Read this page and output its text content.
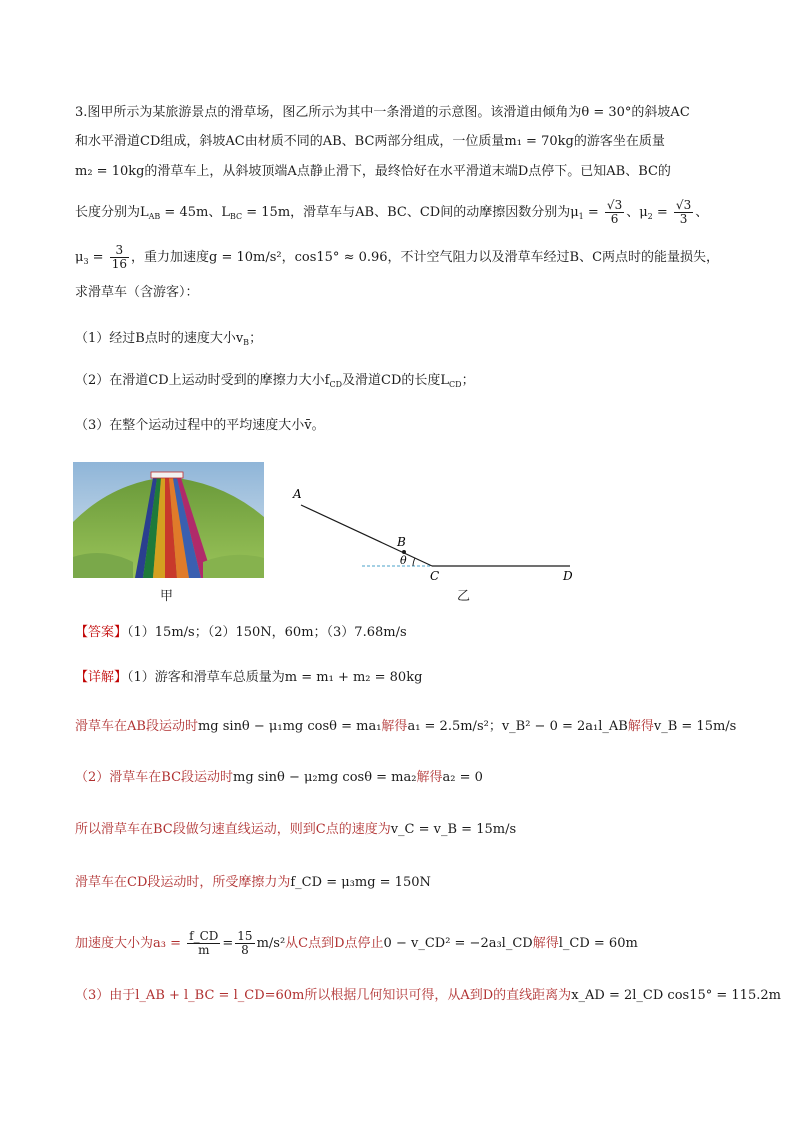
3.图甲所示为某旅游景点的滑草场，图乙所示为其中一条滑道的示意图。该滑道由倾角为θ = 30°的斜坡AC
和水平滑道CD组成，斜坡AC由材质不同的AB、BC两部分组成，一位质量m₁ = 70kg的游客坐在质量
m₂ = 10kg的滑草车上，从斜坡顶端A点静止滑下，最终恰好在水平滑道末端D点停下。已知AB、BC的
长度分别为$L_{AB} = 45m$、$L_{BC} = 15m$，滑草车与AB、BC、CD间的动摩擦因数分别为$\mu_1 = \frac{√3}{6}$ 、$\mu_2 = \frac{√3}{3}$ 、
$\mu_3 = \frac{3}{16}$ ，重力加速度g = 10m/s²，cos15° ≈ 0.96，不计空气阻力以及滑草车经过B、C两点时的能量损失，
求滑草车（含游客）：
（1）经过B点时的速度大小$v_B$；
（2）在滑道CD上运动时受到的摩擦力大小$f_{CD}$及滑道CD的长度$L_{CD}$；
（3）在整个运动过程中的平均速度大小v̄。
甲
A
B
θ
C	D
乙
【答案】（1）15m/s；（2）150N，60m；（3）7.68m/s
【详解】（1）游客和滑草车总质量为m = m₁ + m₂ = 80kg
滑草车在AB段运动时mg sinθ − μ₁mg cosθ = ma₁解得a₁ = 2.5m/s²；v_B² − 0 = 2a₁l_AB解得v_B = 15m/s
（2）滑草车在BC段运动时mg sinθ − μ₂mg cosθ = ma₂解得a₂ = 0
所以滑草车在BC段做匀速直线运动，则到C点的速度为v_C = v_B = 15m/s
滑草车在CD段运动时，所受摩擦力为f_CD = μ₃mg = 150N
加速度大小为$a_3 = \frac{f\_CD}{m} = \frac{15}{8} m/s^2$从C点到D点停止0 − v_CD² = −2a₃l_CD解得l_CD = 60m
（3）由于l_AB + l_BC = l_CD=60m所以根据几何知识可得，从A到D的直线距离为x_AD = 2l_CD cos15° = 115.2m
